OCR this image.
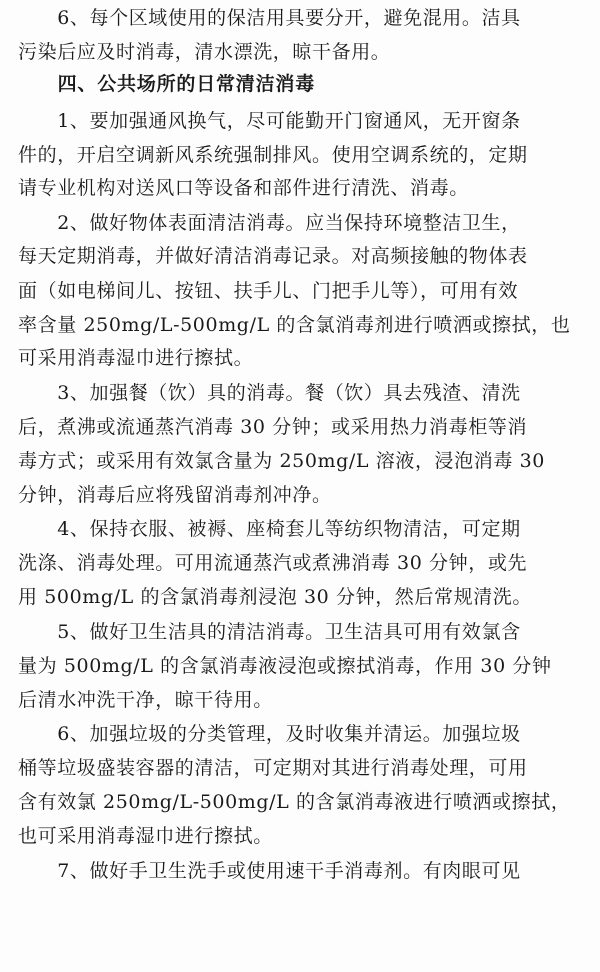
　　6、每个区域使用的保洁用具要分开，避免混用。洁具
污染后应及时消毒，清水漂洗，晾干备用。
　　四、公共场所的日常清洁消毒
　　1、要加强通风换气，尽可能勤开门窗通风，无开窗条
件的，开启空调新风系统强制排风。使用空调系统的，定期
请专业机构对送风口等设备和部件进行清洗、消毒。
　　2、做好物体表面清洁消毒。应当保持环境整洁卫生，
每天定期消毒，并做好清洁消毒记录。对高频接触的物体表
面（如电梯间儿、按钮、扶手儿、门把手儿等），可用有效
率含量 250mg/L-500mg/L 的含氯消毒剂进行喷洒或擦拭，也
可采用消毒湿巾进行擦拭。
　　3、加强餐（饮）具的消毒。餐（饮）具去残渣、清洗
后，煮沸或流通蒸汽消毒 30 分钟；或采用热力消毒柜等消
毒方式；或采用有效氯含量为 250mg/L 溶液，浸泡消毒 30
分钟，消毒后应将残留消毒剂冲净。
　　4、保持衣服、被褥、座椅套儿等纺织物清洁，可定期
洗涤、消毒处理。可用流通蒸汽或煮沸消毒 30 分钟，或先
用 500mg/L 的含氯消毒剂浸泡 30 分钟，然后常规清洗。
　　5、做好卫生洁具的清洁消毒。卫生洁具可用有效氯含
量为 500mg/L 的含氯消毒液浸泡或擦拭消毒，作用 30 分钟
后清水冲洗干净，晾干待用。
　　6、加强垃圾的分类管理，及时收集并清运。加强垃圾
桶等垃圾盛装容器的清洁，可定期对其进行消毒处理，可用
含有效氯 250mg/L-500mg/L 的含氯消毒液进行喷洒或擦拭，
也可采用消毒湿巾进行擦拭。
　　7、做好手卫生洗手或使用速干手消毒剂。有肉眼可见
